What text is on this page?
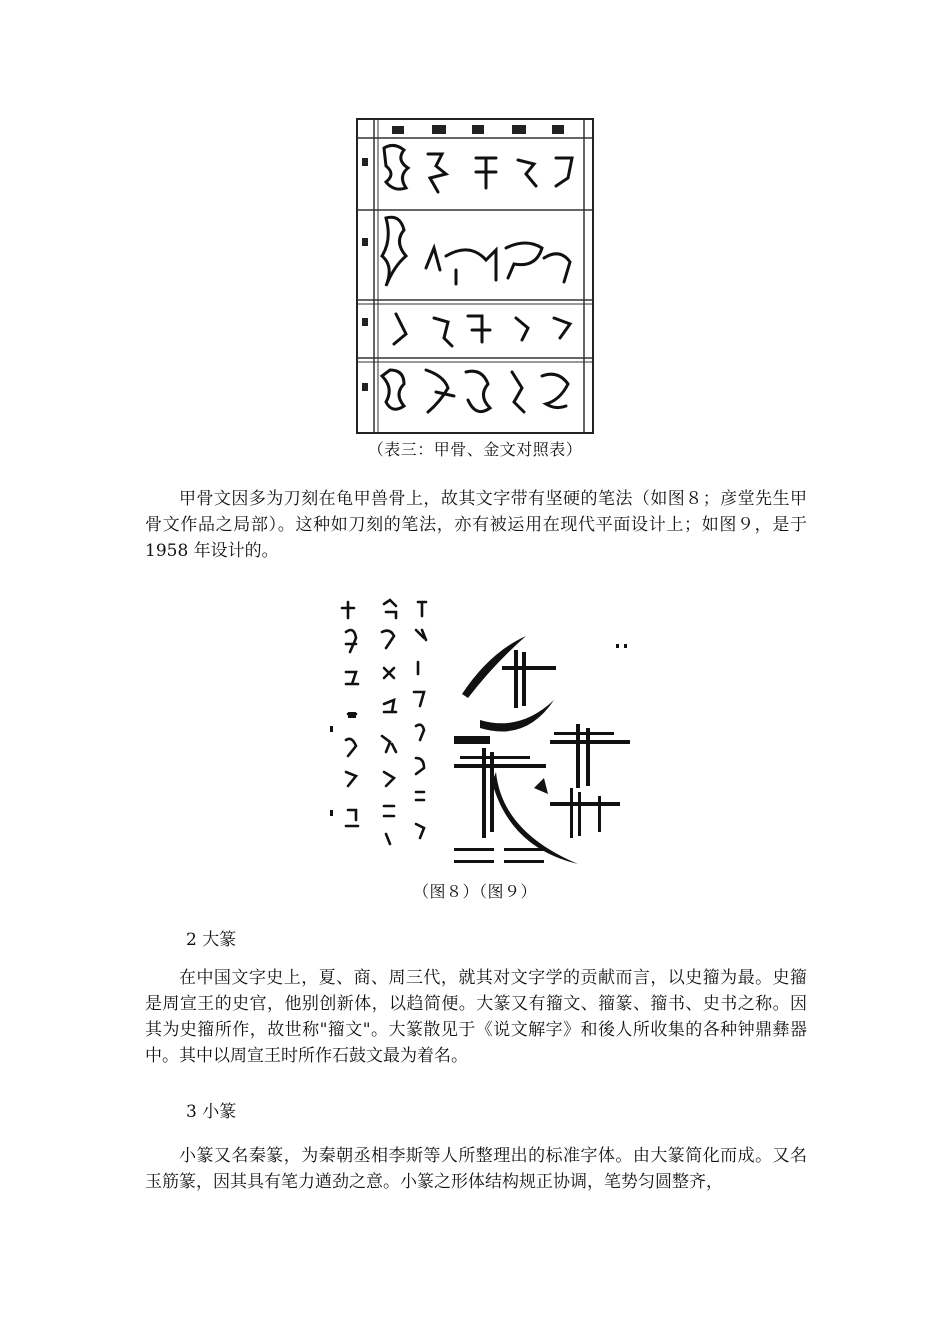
（表三：甲骨、金文对照表）

甲骨文因多为刀刻在龟甲兽骨上，故其文字带有坚硬的笔法（如图８；彦堂先生甲骨文作品之局部）。这种如刀刻的笔法，亦有被运用在现代平面设计上；如图９，是于 1958 年设计的。

（图８）（图９）
2 大篆

在中国文字史上，夏、商、周三代，就其对文字学的贡献而言，以史籀为最。史籀是周宣王的史官，他别创新体，以趋简便。大篆又有籀文、籀篆、籀书、史书之称。因其为史籀所作，故世称"籀文"。大篆散见于《说文解字》和後人所收集的各种钟鼎彝器中。其中以周宣王时所作石鼓文最为着名。

3 小篆

小篆又名秦篆，为秦朝丞相李斯等人所整理出的标准字体。由大篆简化而成。又名玉筋篆，因其具有笔力遒劲之意。小篆之形体结构规正协调，笔势匀圆整齐，
